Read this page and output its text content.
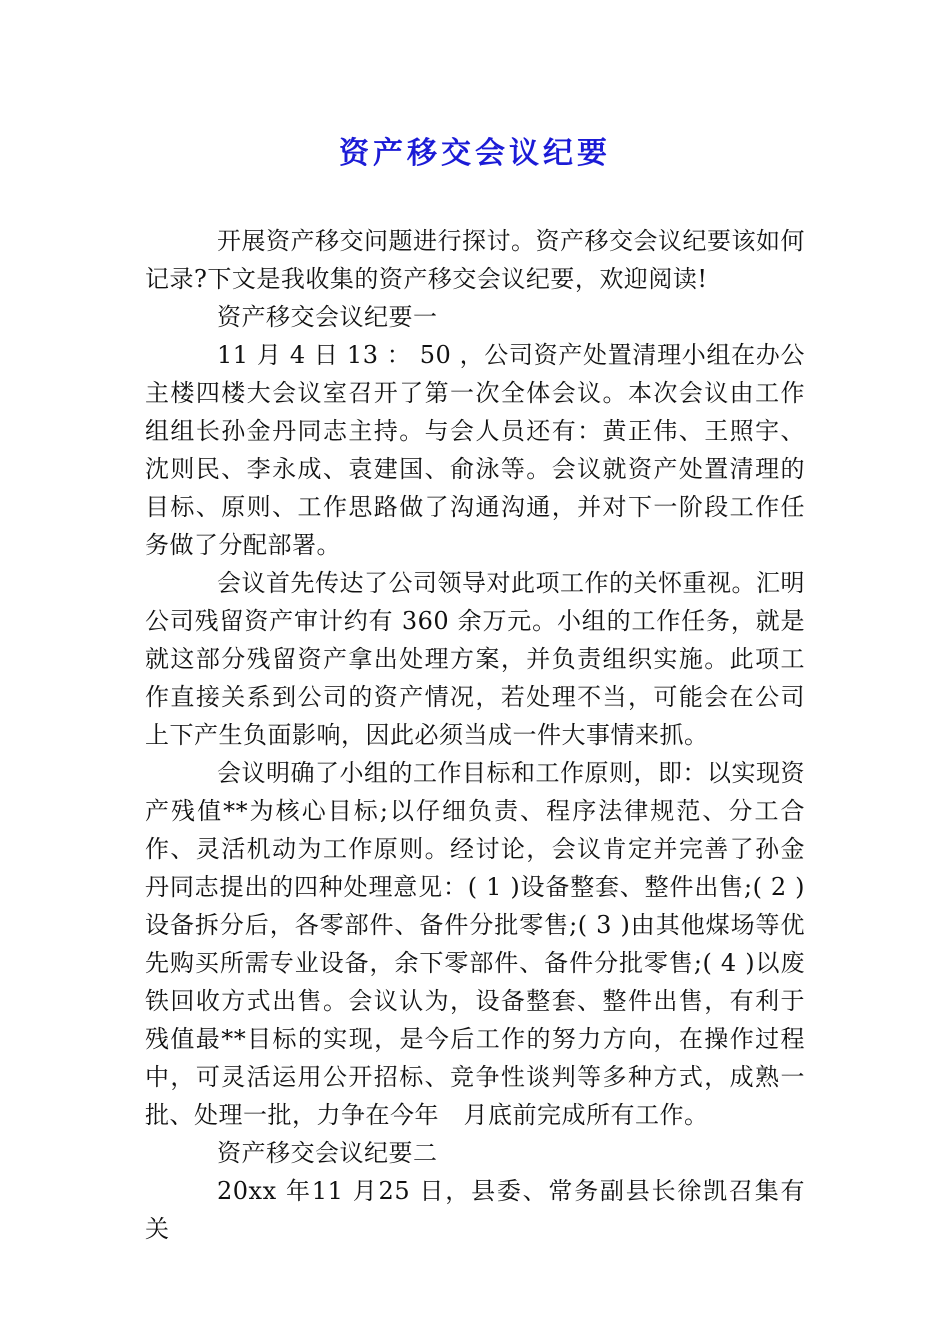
资产移交会议纪要

开展资产移交问题进行探讨。资产移交会议纪要该如何记录?下文是我收集的资产移交会议纪要，欢迎阅读!

资产移交会议纪要一

11 月 4 日 13 ： 50 ，公司资产处置清理小组在办公主楼四楼大会议室召开了第一次全体会议。本次会议由工作组组长孙金丹同志主持。与会人员还有：黄正伟、王照宇、沈则民、李永成、袁建国、俞泳等。会议就资产处置清理的目标、原则、工作思路做了沟通沟通，并对下一阶段工作任务做了分配部署。

会议首先传达了公司领导对此项工作的关怀重视。汇明公司残留资产审计约有 360 余万元。小组的工作任务，就是就这部分残留资产拿出处理方案，并负责组织实施。此项工作直接关系到公司的资产情况，若处理不当，可能会在公司上下产生负面影响，因此必须当成一件大事情来抓。

会议明确了小组的工作目标和工作原则，即：以实现资产残值**为核心目标;以仔细负责、程序法律规范、分工合作、灵活机动为工作原则。经讨论，会议肯定并完善了孙金丹同志提出的四种处理意见：( 1 )设备整套、整件出售;( 2 )设备拆分后，各零部件、备件分批零售;( 3 )由其他煤场等优先购买所需专业设备，余下零部件、备件分批零售;( 4 )以废铁回收方式出售。会议认为，设备整套、整件出售，有利于残值最**目标的实现，是今后工作的努力方向，在操作过程中，可灵活运用公开招标、竞争性谈判等多种方式，成熟一批、处理一批，力争在今年　月底前完成所有工作。

资产移交会议纪要二

20xx 年11 月25 日，县委、常务副县长徐凯召集有关
